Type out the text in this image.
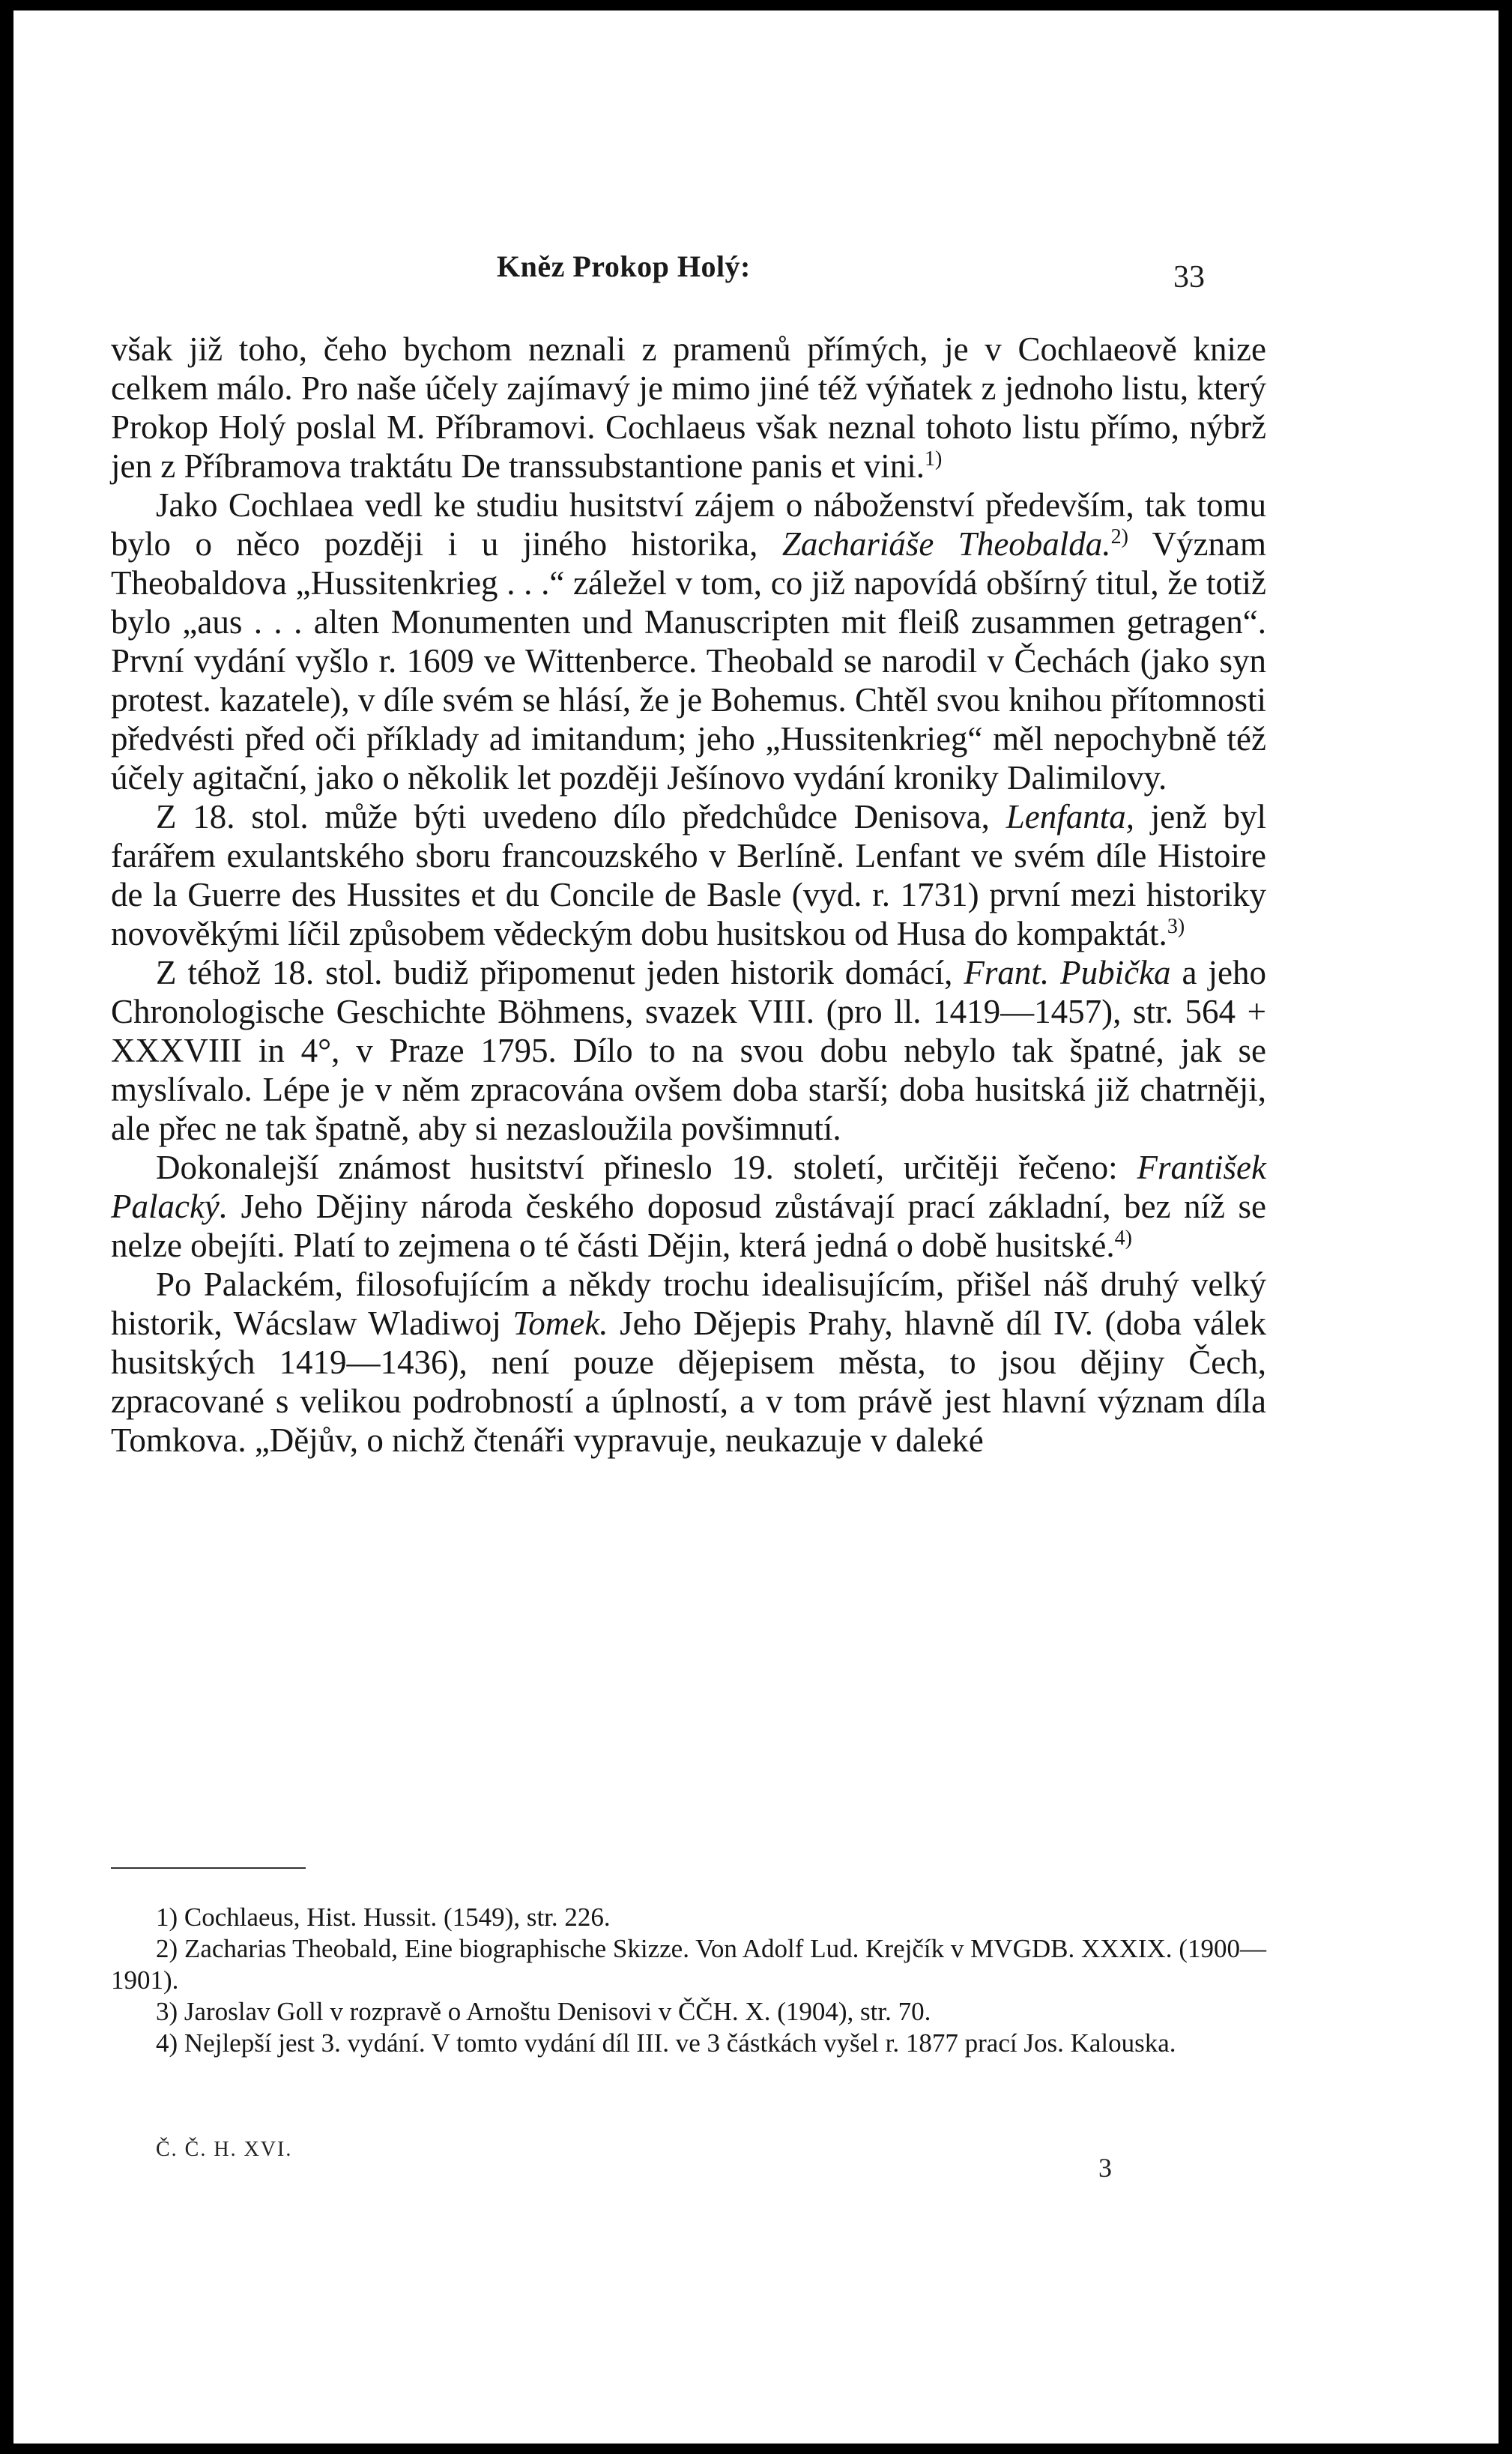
Kněz Prokop Holý:	33

však již toho, čeho bychom neznali z pramenů přímých, je v Cochlaeově knize celkem málo. Pro naše účely zajímavý je mimo jiné též výňatek z jednoho listu, který Prokop Holý poslal M. Příbramovi. Cochlaeus však neznal tohoto listu přímo, nýbrž jen z Příbramova traktátu De transsubstantione panis et vini.$^{1)}$

Jako Cochlaea vedl ke studiu husitství zájem o náboženství především, tak tomu bylo o něco později i u jiného historika, Zachariáše Theobalda.$^{2)}$ Význam Theobaldova „Hussitenkrieg . . .“ záležel v tom, co již napovídá obšírný titul, že totiž bylo „aus . . . alten Monumenten und Manuscripten mit fleiß zusammen getragen“. První vydání vyšlo r. 1609 ve Wittenberce. Theobald se narodil v Čechách (jako syn protest. kazatele), v díle svém se hlásí, že je Bohemus. Chtěl svou knihou přítomnosti předvésti před oči příklady ad imitandum; jeho „Hussitenkrieg“ měl nepochybně též účely agitační, jako o několik let později Ješínovo vydání kroniky Dalimilovy.

Z 18. stol. může býti uvedeno dílo předchůdce Denisova, Lenfanta, jenž byl farářem exulantského sboru francouzského v Berlíně. Lenfant ve svém díle Histoire de la Guerre des Hussites et du Concile de Basle (vyd. r. 1731) první mezi historiky novověkými líčil způsobem vědeckým dobu husitskou od Husa do kompaktát.$^{3)}$

Z téhož 18. stol. budiž připomenut jeden historik domácí, Frant. Pubička a jeho Chronologische Geschichte Böhmens, svazek VIII. (pro ll. 1419—1457), str. 564 + XXXVIII in 4°, v Praze 1795. Dílo to na svou dobu nebylo tak špatné, jak se myslívalo. Lépe je v něm zpracována ovšem doba starší; doba husitská již chatrněji, ale přec ne tak špatně, aby si nezasloužila povšimnutí.

Dokonalejší známost husitství přineslo 19. století, určitěji řečeno: František Palacký. Jeho Dějiny národa českého doposud zůstávají prací základní, bez níž se nelze obejíti. Platí to zejmena o té části Dějin, která jedná o době husitské.$^{4)}$

Po Palackém, filosofujícím a někdy trochu idealisujícím, přišel náš druhý velký historik, Wácslaw Wladiwoj Tomek. Jeho Dějepis Prahy, hlavně díl IV. (doba válek husitských 1419—1436), není pouze dějepisem města, to jsou dějiny Čech, zpracované s velikou podrobností a úplností, a v tom právě jest hlavní význam díla Tomkova. „Dějův, o nichž čtenáři vypravuje, neukazuje v daleké

1) Cochlaeus, Hist. Hussit. (1549), str. 226.

2) Zacharias Theobald, Eine biographische Skizze. Von Adolf Lud. Krejčík v MVGDB. XXXIX. (1900—1901).

3) Jaroslav Goll v rozpravě o Arnoštu Denisovi v ČČH. X. (1904), str. 70.

4) Nejlepší jest 3. vydání. V tomto vydání díl III. ve 3 částkách vyšel r. 1877 prací Jos. Kalouska.

Č. Č. H. XVI.
3
